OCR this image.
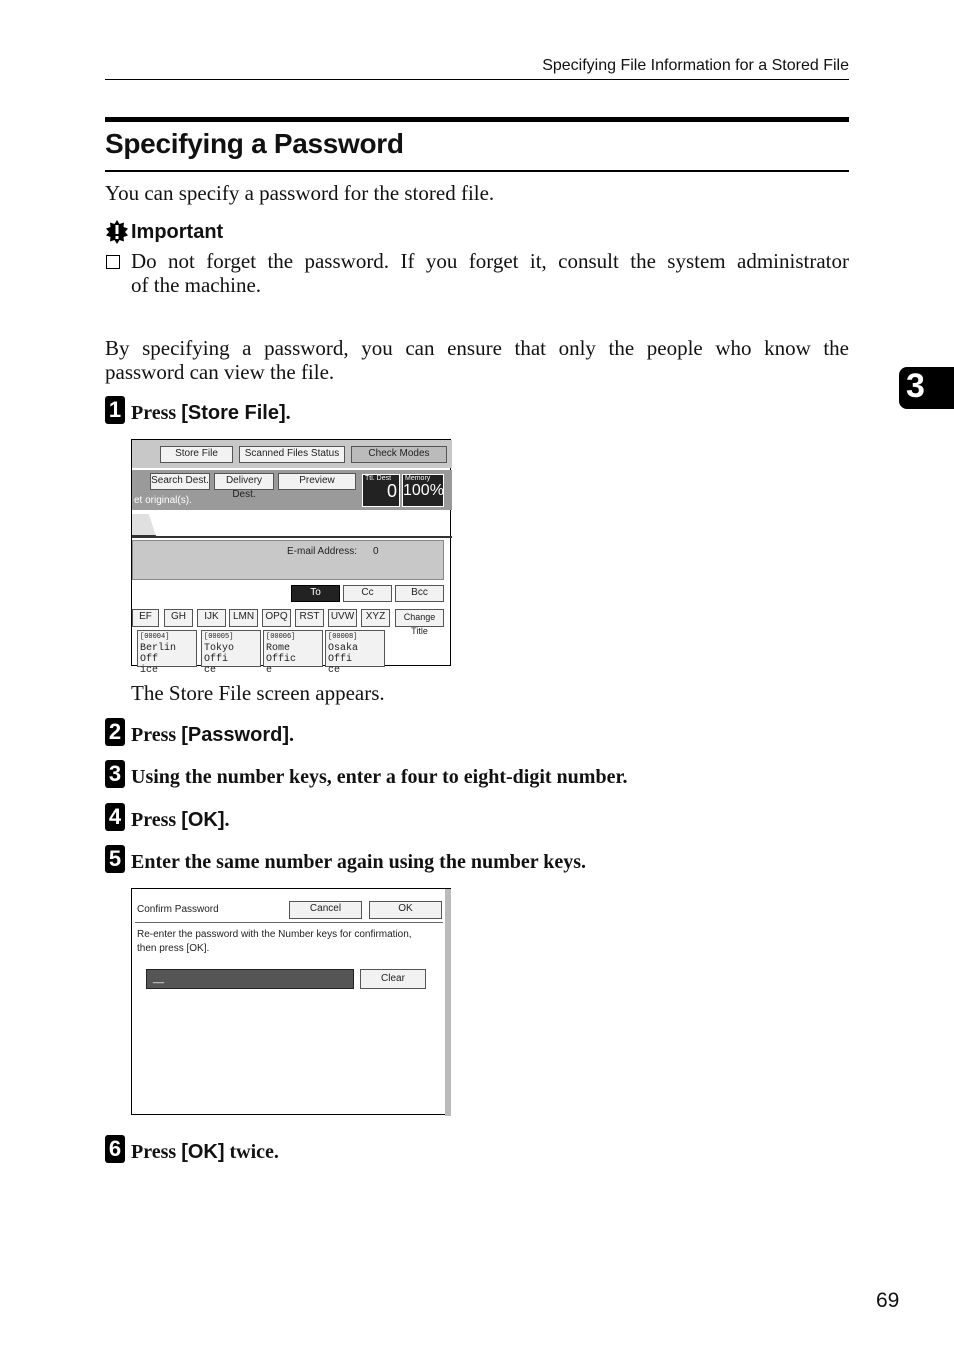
Specifying File Information for a Stored File
Specifying a Password
You can specify a password for the stored file.
Important
Do not forget the password. If you forget it, consult the system administrator
of the machine.
By specifying a password, you can ensure that only the people who know the
password can view the file.	3
1 Press [Store File].
Store File	Scanned Files Status	Check Modes
Search Dest.	Delivery Dest.
Preview
et original(s).
Ttl. Dest
0
Memory
100%
E-mail Address: 0
To	Cc	Bcc
EF	GH	IJK	LMN	OPQ	RST	UVW	XYZ	Change Title
[00004]
Berlin Off
ice
[00005]
Tokyo Offi
ce
[00006]
Rome Offic
e
[00008]
Osaka Offi
ce
The Store File screen appears.
2 Press [Password].
3 Using the number keys, enter a four to eight-digit number.
4 Press [OK].
5 Enter the same number again using the number keys.
Confirm Password	Cancel	OK
Re-enter the password with the Number keys for confirmation,
then press [OK].
__	Clear
6 Press [OK] twice.
69
